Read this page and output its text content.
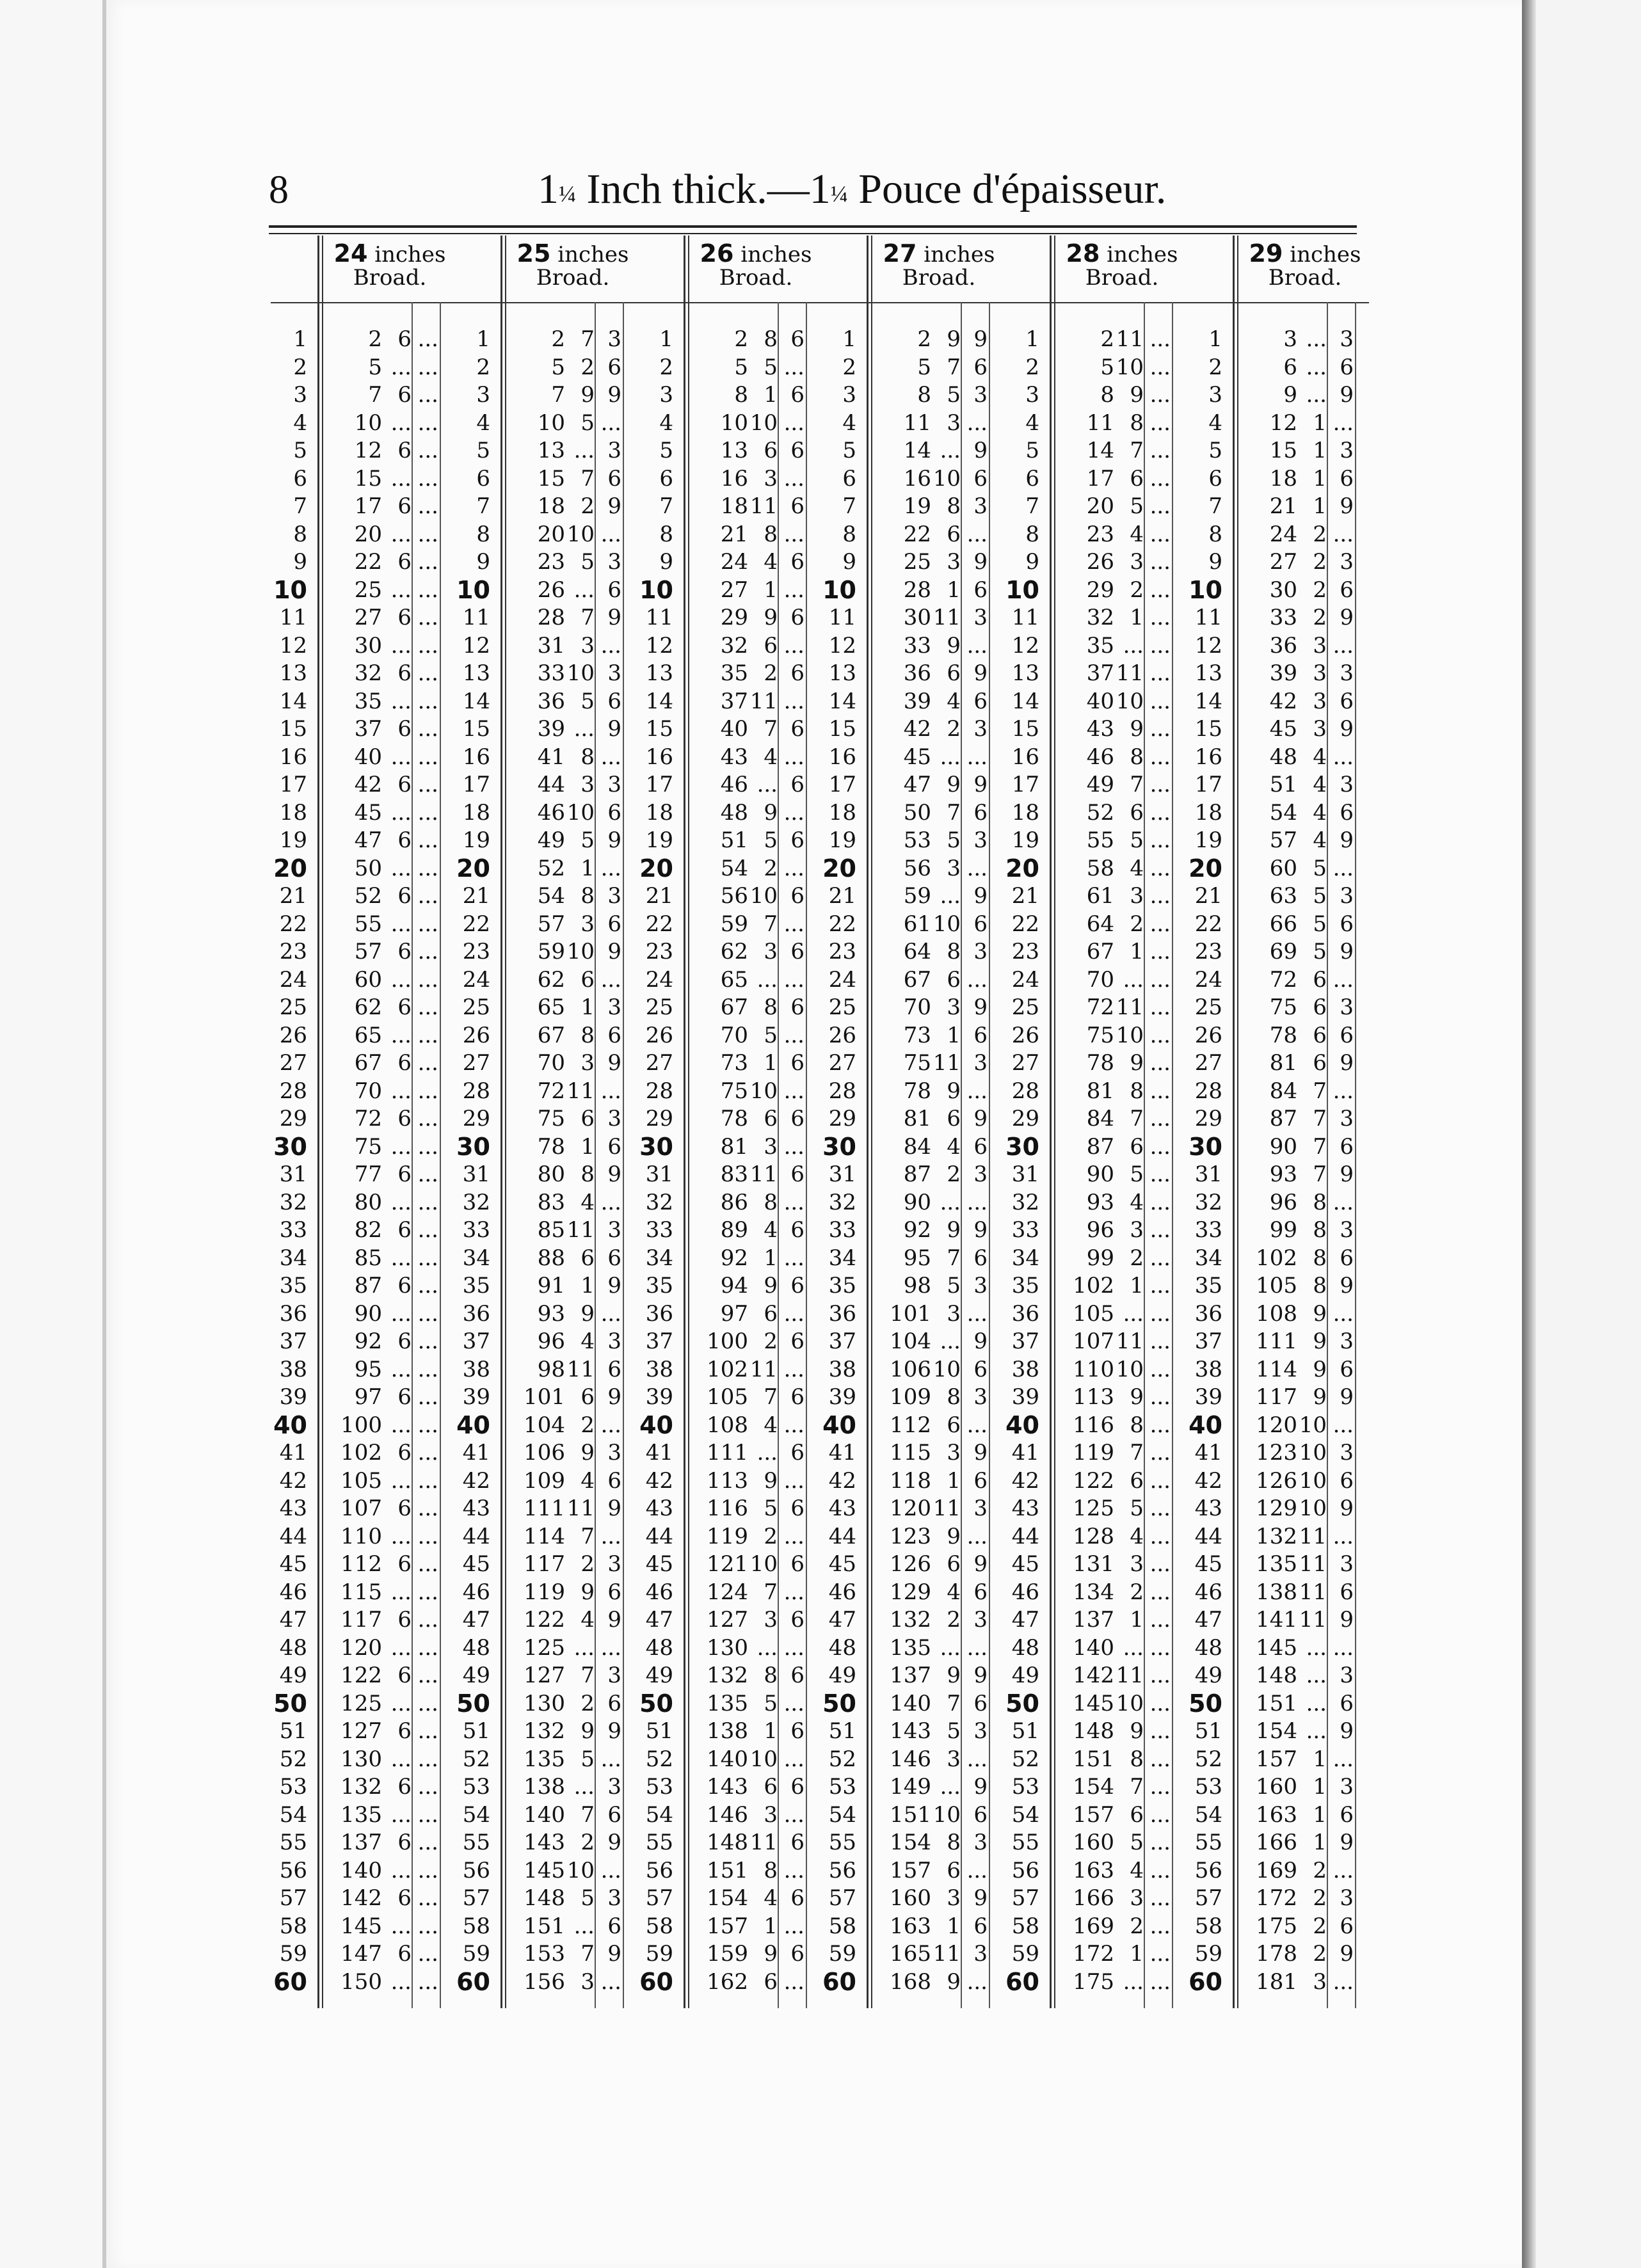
8	1¼ Inch thick.—1¼ Pouce d'épaisseur.
1
2
3
4
5
6
7
8
9
10
11
12
13
14
15
16
17
18
19
20
21
22
23
24
25
26
27
28
29
30
31
32
33
34
35
36
37
38
39
40
41
42
43
44
45
46
47
48
49
50
51
52
53
54
55
56
57
58
59
60
24 inches
Broad.
2 6 ...
5 ... ...
7 6 ...
10 ... ...
12 6 ...
15 ... ...
17 6 ...
20 ... ...
22 6 ...
25 ... ...
27 6 ...
30 ... ...
32 6 ...
35 ... ...
37 6 ...
40 ... ...
42 6 ...
45 ... ...
47 6 ...
50 ... ...
52 6 ...
55 ... ...
57 6 ...
60 ... ...
62 6 ...
65 ... ...
67 6 ...
70 ... ...
72 6 ...
75 ... ...
77 6 ...
80 ... ...
82 6 ...
85 ... ...
87 6 ...
90 ... ...
92 6 ...
95 ... ...
97 6 ...
100 ... ...
102 6 ...
105 ... ...
107 6 ...
110 ... ...
112 6 ...
115 ... ...
117 6 ...
120 ... ...
122 6 ...
125 ... ...
127 6 ...
130 ... ...
132 6 ...
135 ... ...
137 6 ...
140 ... ...
142 6 ...
145 ... ...
147 6 ...
150 ... ...
1
2
3
4
5
6
7
8
9
10
11
12
13
14
15
16
17
18
19
20
21
22
23
24
25
26
27
28
29
30
31
32
33
34
35
36
37
38
39
40
41
42
43
44
45
46
47
48
49
50
51
52
53
54
55
56
57
58
59
60
25 inches
Broad.
2 7 3
5 2 6
7 9 9
10 5 ...
13 ... 3
15 7 6
18 2 9
20 10 ...
23 5 3
26 ... 6
28 7 9
31 3 ...
33 10 3
36 5 6
39 ... 9
41 8 ...
44 3 3
46 10 6
49 5 9
52 1 ...
54 8 3
57 3 6
59 10 9
62 6 ...
65 1 3
67 8 6
70 3 9
72 11 ...
75 6 3
78 1 6
80 8 9
83 4 ...
85 11 3
88 6 6
91 1 9
93 9 ...
96 4 3
98 11 6
101 6 9
104 2 ...
106 9 3
109 4 6
111 11 9
114 7 ...
117 2 3
119 9 6
122 4 9
125 ... ...
127 7 3
130 2 6
132 9 9
135 5 ...
138 ... 3
140 7 6
143 2 9
145 10 ...
148 5 3
151 ... 6
153 7 9
156 3 ...
1
2
3
4
5
6
7
8
9
10
11
12
13
14
15
16
17
18
19
20
21
22
23
24
25
26
27
28
29
30
31
32
33
34
35
36
37
38
39
40
41
42
43
44
45
46
47
48
49
50
51
52
53
54
55
56
57
58
59
60
26 inches
Broad.
2 8 6
5 5 ...
8 1 6
10 10 ...
13 6 6
16 3 ...
18 11 6
21 8 ...
24 4 6
27 1 ...
29 9 6
32 6 ...
35 2 6
37 11 ...
40 7 6
43 4 ...
46 ... 6
48 9 ...
51 5 6
54 2 ...
56 10 6
59 7 ...
62 3 6
65 ... ...
67 8 6
70 5 ...
73 1 6
75 10 ...
78 6 6
81 3 ...
83 11 6
86 8 ...
89 4 6
92 1 ...
94 9 6
97 6 ...
100 2 6
102 11 ...
105 7 6
108 4 ...
111 ... 6
113 9 ...
116 5 6
119 2 ...
121 10 6
124 7 ...
127 3 6
130 ... ...
132 8 6
135 5 ...
138 1 6
140 10 ...
143 6 6
146 3 ...
148 11 6
151 8 ...
154 4 6
157 1 ...
159 9 6
162 6 ...
1
2
3
4
5
6
7
8
9
10
11
12
13
14
15
16
17
18
19
20
21
22
23
24
25
26
27
28
29
30
31
32
33
34
35
36
37
38
39
40
41
42
43
44
45
46
47
48
49
50
51
52
53
54
55
56
57
58
59
60
27 inches
Broad.
2 9 9
5 7 6
8 5 3
11 3 ...
14 ... 9
16 10 6
19 8 3
22 6 ...
25 3 9
28 1 6
30 11 3
33 9 ...
36 6 9
39 4 6
42 2 3
45 ... ...
47 9 9
50 7 6
53 5 3
56 3 ...
59 ... 9
61 10 6
64 8 3
67 6 ...
70 3 9
73 1 6
75 11 3
78 9 ...
81 6 9
84 4 6
87 2 3
90 ... ...
92 9 9
95 7 6
98 5 3
101 3 ...
104 ... 9
106 10 6
109 8 3
112 6 ...
115 3 9
118 1 6
120 11 3
123 9 ...
126 6 9
129 4 6
132 2 3
135 ... ...
137 9 9
140 7 6
143 5 3
146 3 ...
149 ... 9
151 10 6
154 8 3
157 6 ...
160 3 9
163 1 6
165 11 3
168 9 ...
1
2
3
4
5
6
7
8
9
10
11
12
13
14
15
16
17
18
19
20
21
22
23
24
25
26
27
28
29
30
31
32
33
34
35
36
37
38
39
40
41
42
43
44
45
46
47
48
49
50
51
52
53
54
55
56
57
58
59
60
28 inches
Broad.
2 11 ...
5 10 ...
8 9 ...
11 8 ...
14 7 ...
17 6 ...
20 5 ...
23 4 ...
26 3 ...
29 2 ...
32 1 ...
35 ... ...
37 11 ...
40 10 ...
43 9 ...
46 8 ...
49 7 ...
52 6 ...
55 5 ...
58 4 ...
61 3 ...
64 2 ...
67 1 ...
70 ... ...
72 11 ...
75 10 ...
78 9 ...
81 8 ...
84 7 ...
87 6 ...
90 5 ...
93 4 ...
96 3 ...
99 2 ...
102 1 ...
105 ... ...
107 11 ...
110 10 ...
113 9 ...
116 8 ...
119 7 ...
122 6 ...
125 5 ...
128 4 ...
131 3 ...
134 2 ...
137 1 ...
140 ... ...
142 11 ...
145 10 ...
148 9 ...
151 8 ...
154 7 ...
157 6 ...
160 5 ...
163 4 ...
166 3 ...
169 2 ...
172 1 ...
175 ... ...
1
2
3
4
5
6
7
8
9
10
11
12
13
14
15
16
17
18
19
20
21
22
23
24
25
26
27
28
29
30
31
32
33
34
35
36
37
38
39
40
41
42
43
44
45
46
47
48
49
50
51
52
53
54
55
56
57
58
59
60
29 inches
Broad.
3 ... 3
6 ... 6
9 ... 9
12 1 ...
15 1 3
18 1 6
21 1 9
24 2 ...
27 2 3
30 2 6
33 2 9
36 3 ...
39 3 3
42 3 6
45 3 9
48 4 ...
51 4 3
54 4 6
57 4 9
60 5 ...
63 5 3
66 5 6
69 5 9
72 6 ...
75 6 3
78 6 6
81 6 9
84 7 ...
87 7 3
90 7 6
93 7 9
96 8 ...
99 8 3
102 8 6
105 8 9
108 9 ...
111 9 3
114 9 6
117 9 9
120 10 ...
123 10 3
126 10 6
129 10 9
132 11 ...
135 11 3
138 11 6
141 11 9
145 ... ...
148 ... 3
151 ... 6
154 ... 9
157 1 ...
160 1 3
163 1 6
166 1 9
169 2 ...
172 2 3
175 2 6
178 2 9
181 3 ...
